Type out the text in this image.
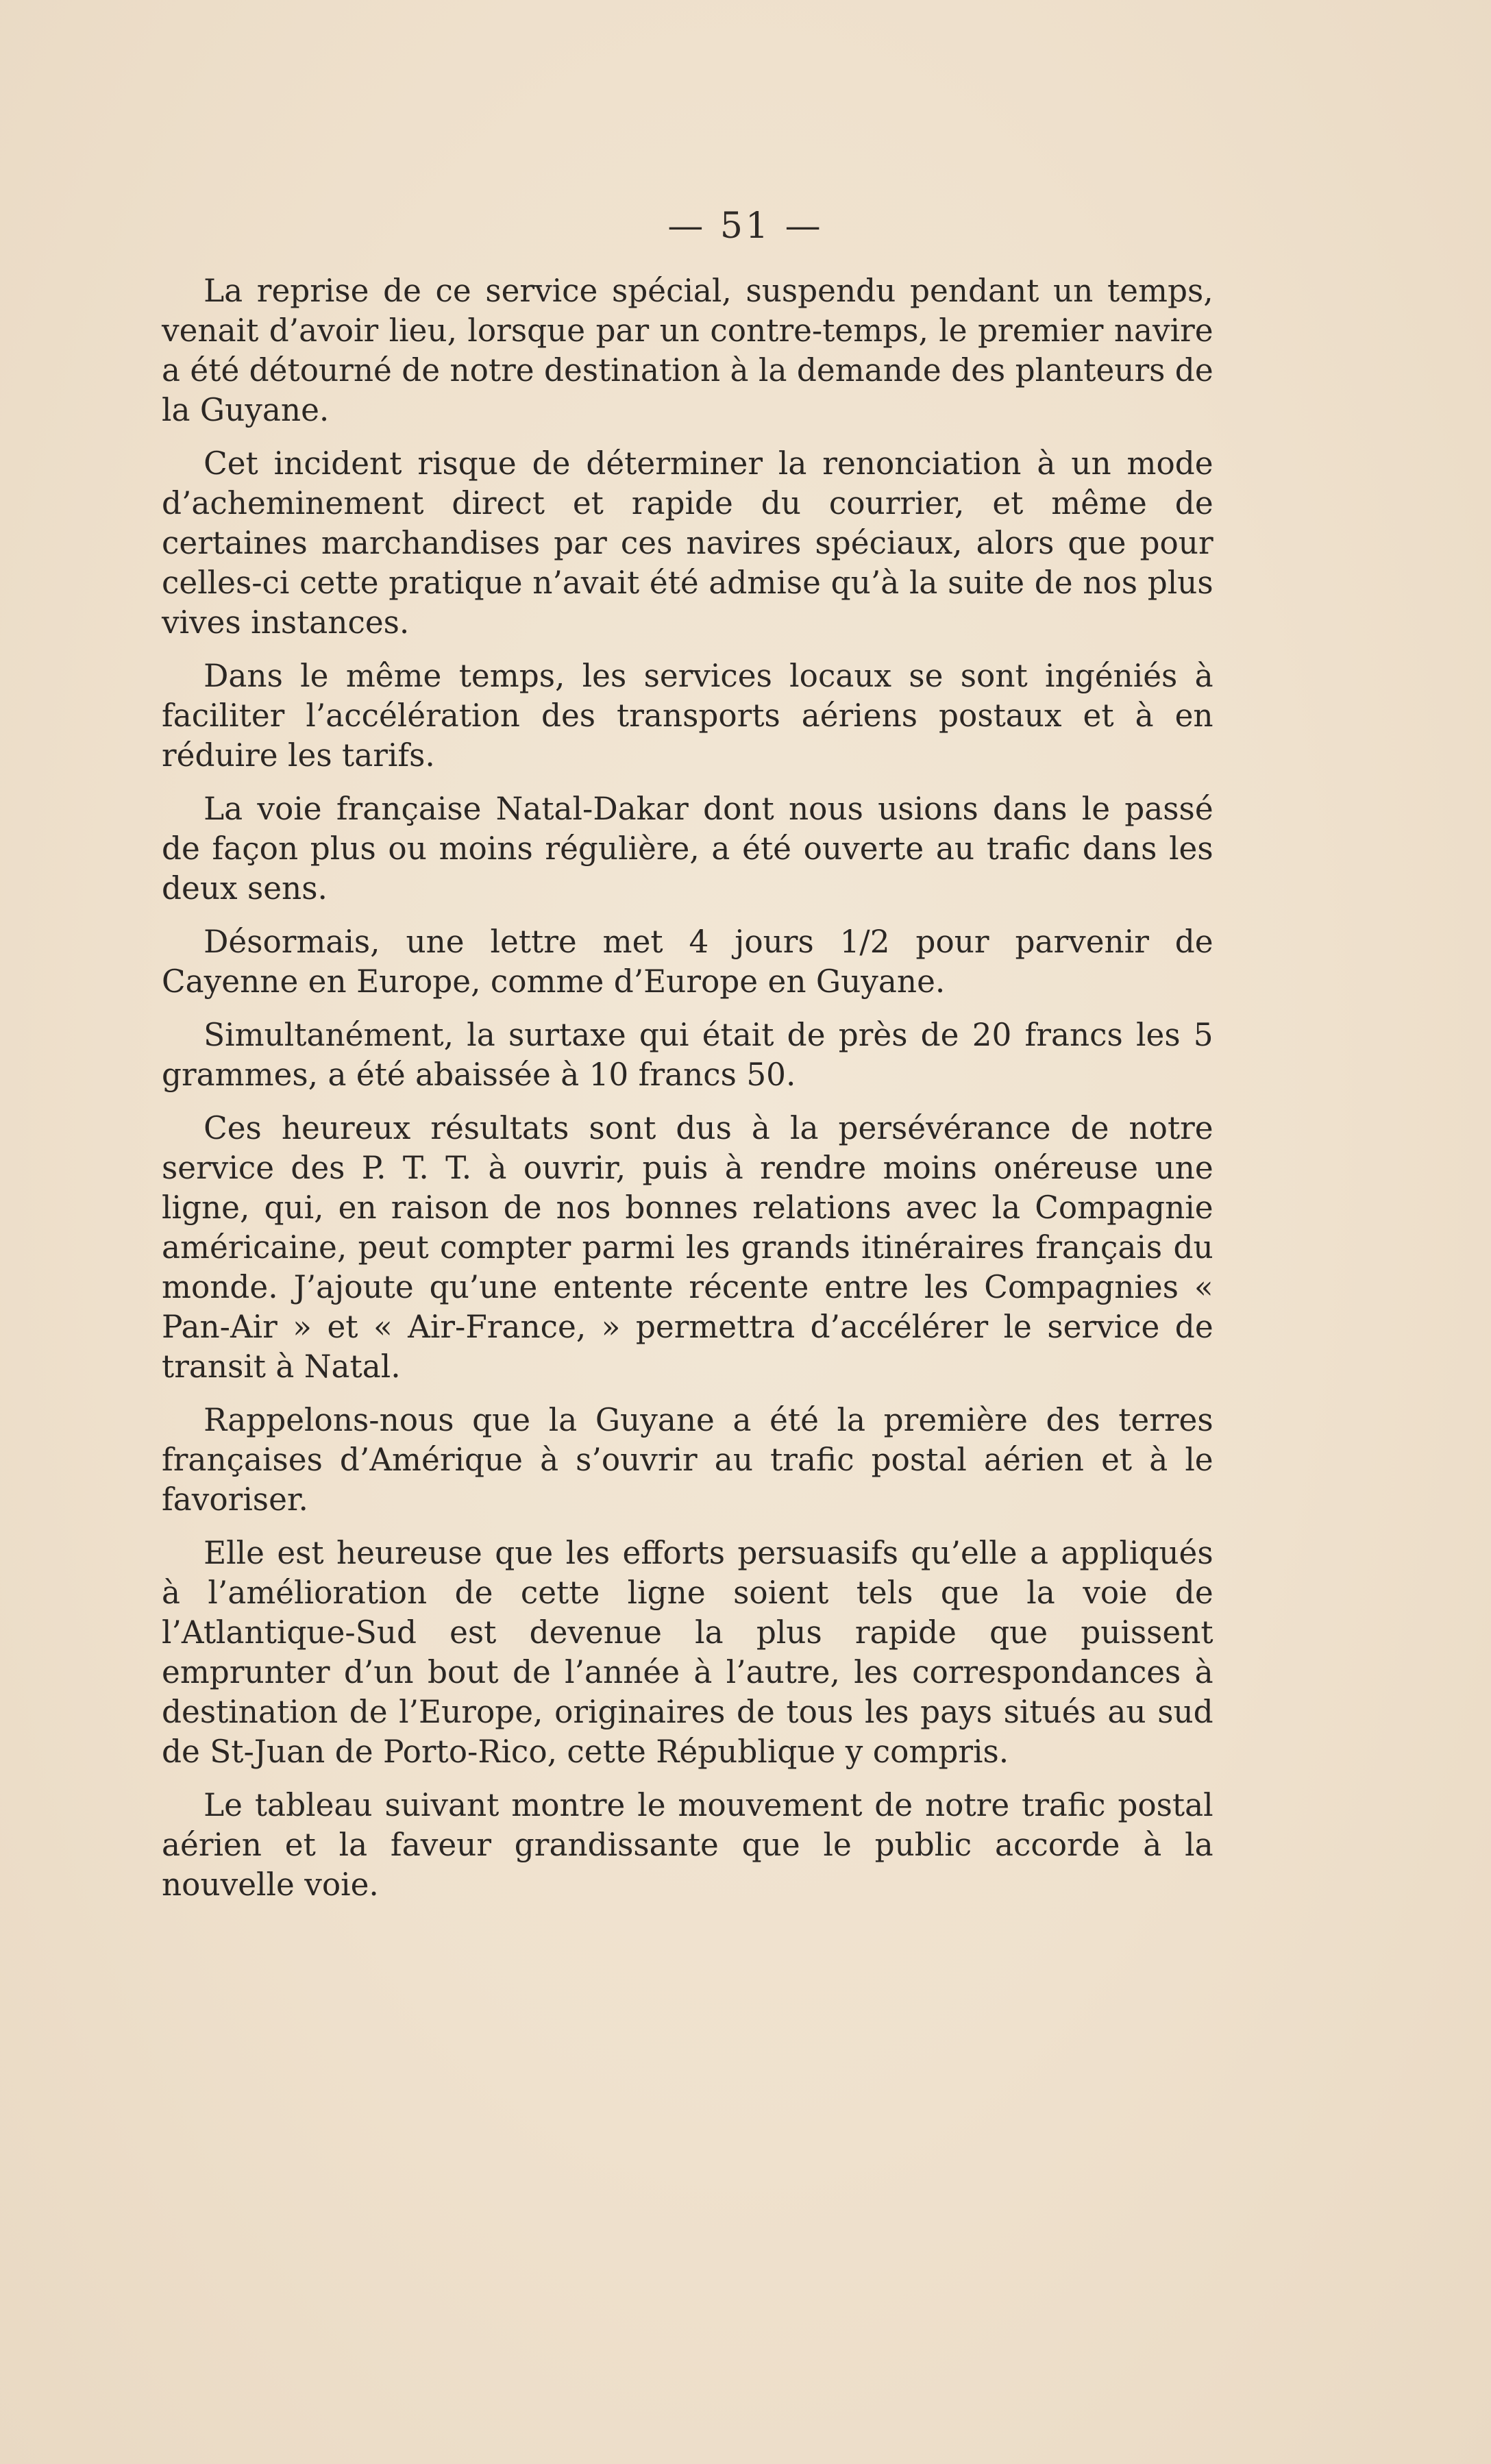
— 51 —

La reprise de ce service spécial, suspendu pendant un temps, venait d’avoir lieu, lorsque par un contre-temps, le premier navire a été détourné de notre destination à la demande des planteurs de la Guyane.

Cet incident risque de déterminer la renonciation à un mode d’acheminement direct et rapide du courrier, et même de certaines marchandises par ces navires spéciaux, alors que pour celles-ci cette pratique n’avait été admise qu’à la suite de nos plus vives instances.

Dans le même temps, les services locaux se sont ingéniés à faciliter l’accélération des transports aériens postaux et à en réduire les tarifs.

La voie française Natal-Dakar dont nous usions dans le passé de façon plus ou moins régulière, a été ouverte au trafic dans les deux sens.

Désormais, une lettre met 4 jours 1/2 pour parvenir de Cayenne en Europe, comme d’Europe en Guyane.

Simultanément, la surtaxe qui était de près de 20 francs les 5 grammes, a été abaissée à 10 francs 50.

Ces heureux résultats sont dus à la persévérance de notre service des P. T. T. à ouvrir, puis à rendre moins onéreuse une ligne, qui, en raison de nos bonnes relations avec la Compagnie américaine, peut compter parmi les grands itinéraires français du monde. J’ajoute qu’une entente récente entre les Compagnies « Pan-Air » et « Air-France, » permettra d’accélérer le service de transit à Natal.

Rappelons-nous que la Guyane a été la première des terres françaises d’Amérique à s’ouvrir au trafic postal aérien et à le favoriser.

Elle est heureuse que les efforts persuasifs qu’elle a appliqués à l’amélioration de cette ligne soient tels que la voie de l’Atlantique-Sud est devenue la plus rapide que puissent emprunter d’un bout de l’année à l’autre, les correspondances à destination de l’Europe, originaires de tous les pays situés au sud de St-Juan de Porto-Rico, cette République y compris.

Le tableau suivant montre le mouvement de notre trafic postal aérien et la faveur grandissante que le public accorde à la nouvelle voie.
